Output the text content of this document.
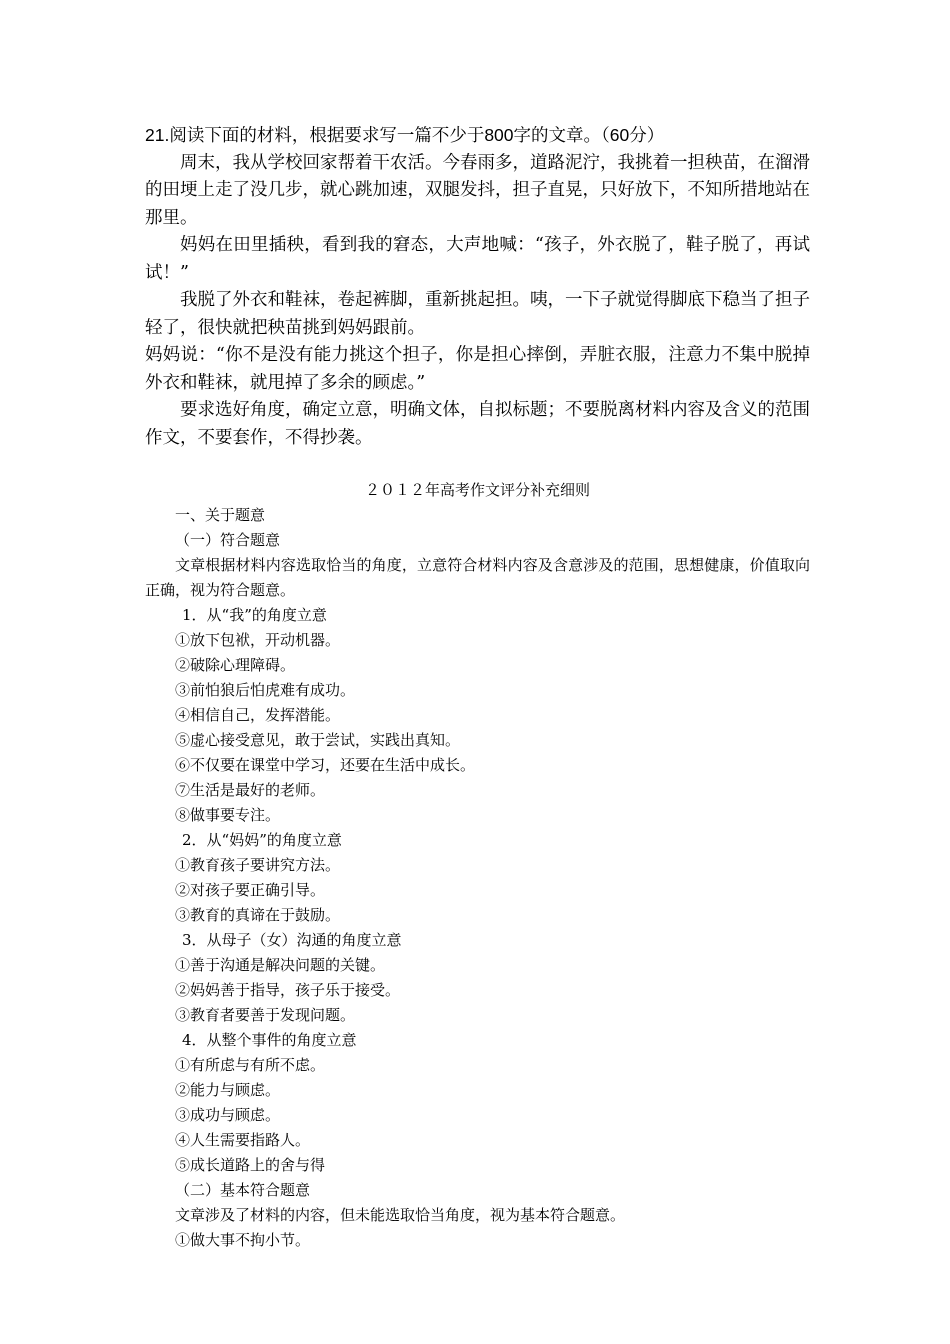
21.阅读下面的材料，根据要求写一篇不少于800字的文章。（60分）

周末，我从学校回家帮着干农活。今春雨多，道路泥泞，我挑着一担秧苗，在溜滑的田埂上走了没几步，就心跳加速，双腿发抖，担子直晃，只好放下，不知所措地站在那里。

妈妈在田里插秧，看到我的窘态，大声地喊：“孩子，外衣脱了，鞋子脱了，再试试！”

我脱了外衣和鞋袜，卷起裤脚，重新挑起担。咦，一下子就觉得脚底下稳当了担子轻了，很快就把秧苗挑到妈妈跟前。

妈妈说：“你不是没有能力挑这个担子，你是担心摔倒，弄脏衣服，注意力不集中脱掉外衣和鞋袜，就甩掉了多余的顾虑。”

要求选好角度，确定立意，明确文体，自拟标题；不要脱离材料内容及含义的范围作文，不要套作，不得抄袭。

２０１２年高考作文评分补充细则

一、关于题意

（一）符合题意

文章根据材料内容选取恰当的角度，立意符合材料内容及含意涉及的范围，思想健康，价值取向正确，视为符合题意。

1．从“我”的角度立意

①放下包袱，开动机器。

②破除心理障碍。

③前怕狼后怕虎难有成功。

④相信自己，发挥潜能。

⑤虚心接受意见，敢于尝试，实践出真知。

⑥不仅要在课堂中学习，还要在生活中成长。

⑦生活是最好的老师。

⑧做事要专注。

2．从“妈妈”的角度立意

①教育孩子要讲究方法。

②对孩子要正确引导。

③教育的真谛在于鼓励。

3．从母子（女）沟通的角度立意

①善于沟通是解决问题的关键。

②妈妈善于指导，孩子乐于接受。

③教育者要善于发现问题。

4．从整个事件的角度立意

①有所虑与有所不虑。

②能力与顾虑。

③成功与顾虑。

④人生需要指路人。

⑤成长道路上的舍与得

（二）基本符合题意

文章涉及了材料的内容，但未能选取恰当角度，视为基本符合题意。

①做大事不拘小节。
